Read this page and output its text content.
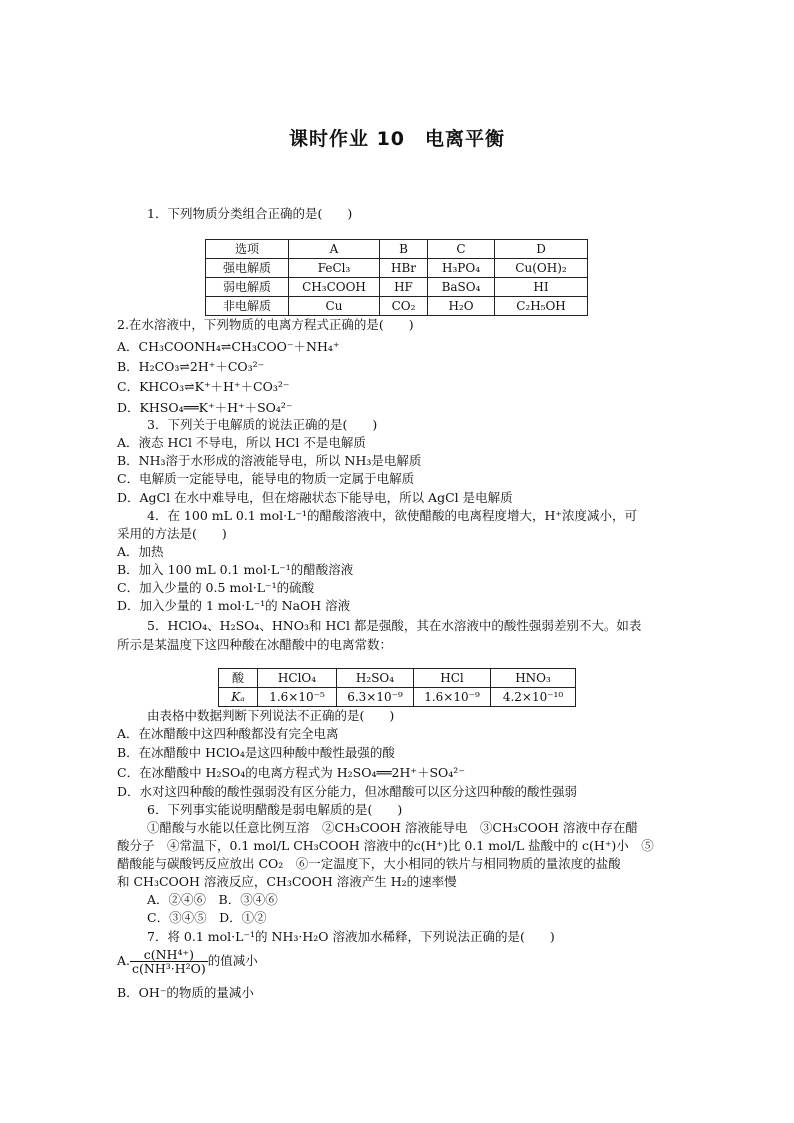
课时作业 10　电离平衡
1．下列物质分类组合正确的是(　　)
选项	A	B	C	D
强电解质	FeCl₃	HBr	H₃PO₄	Cu(OH)₂
弱电解质	CH₃COOH	HF	BaSO₄	HI
非电解质	Cu	CO₂	H₂O	C₂H₅OH
2.在水溶液中，下列物质的电离方程式正确的是(　　)
A．CH₃COONH₄⇌CH₃COO⁻＋NH₄⁺
B．H₂CO₃⇌2H⁺＋CO₃²⁻
C．KHCO₃⇌K⁺＋H⁺＋CO₃²⁻
D．KHSO₄══K⁺＋H⁺＋SO₄²⁻
3．下列关于电解质的说法正确的是(　　)
A．液态 HCl 不导电，所以 HCl 不是电解质
B．NH₃溶于水形成的溶液能导电，所以 NH₃是电解质
C．电解质一定能导电，能导电的物质一定属于电解质
D．AgCl 在水中难导电，但在熔融状态下能导电，所以 AgCl 是电解质
4．在 100 mL 0.1 mol·L⁻¹的醋酸溶液中，欲使醋酸的电离程度增大，H⁺浓度减小，可
采用的方法是(　　)
A．加热
B．加入 100 mL 0.1 mol·L⁻¹的醋酸溶液
C．加入少量的 0.5 mol·L⁻¹的硫酸
D．加入少量的 1 mol·L⁻¹的 NaOH 溶液
5．HClO₄、H₂SO₄、HNO₃和 HCl 都是强酸，其在水溶液中的酸性强弱差别不大。如表
所示是某温度下这四种酸在冰醋酸中的电离常数：
酸	HClO₄	H₂SO₄	HCl	HNO₃
Kₐ	1.6×10⁻⁵	6.3×10⁻⁹	1.6×10⁻⁹	4.2×10⁻¹⁰
由表格中数据判断下列说法不正确的是(　　)
A．在冰醋酸中这四种酸都没有完全电离
B．在冰醋酸中 HClO₄是这四种酸中酸性最强的酸
C．在冰醋酸中 H₂SO₄的电离方程式为 H₂SO₄══2H⁺＋SO₄²⁻
D．水对这四种酸的酸性强弱没有区分能力，但冰醋酸可以区分这四种酸的酸性强弱
6．下列事实能说明醋酸是弱电解质的是(　　)
①醋酸与水能以任意比例互溶　②CH₃COOH 溶液能导电　③CH₃COOH 溶液中存在醋
酸分子　④常温下，0.1 mol/L CH₃COOH 溶液中的c(H⁺)比 0.1 mol/L 盐酸中的 c(H⁺)小　⑤
醋酸能与碳酸钙反应放出 CO₂　⑥一定温度下，大小相同的铁片与相同物质的量浓度的盐酸
和 CH₃COOH 溶液反应，CH₃COOH 溶液产生 H₂的速率慢
A．②④⑥　B．③④⑥
C．③④⑤　D．①②
7．将 0.1 mol·L⁻¹的 NH₃·H₂O 溶液加水稀释，下列说法正确的是(　　)
A. $\frac{\text{c(NH⁴⁺)}}{\text{c(NH³·H²O)}}$ 的值减小
B．OH⁻的物质的量减小
